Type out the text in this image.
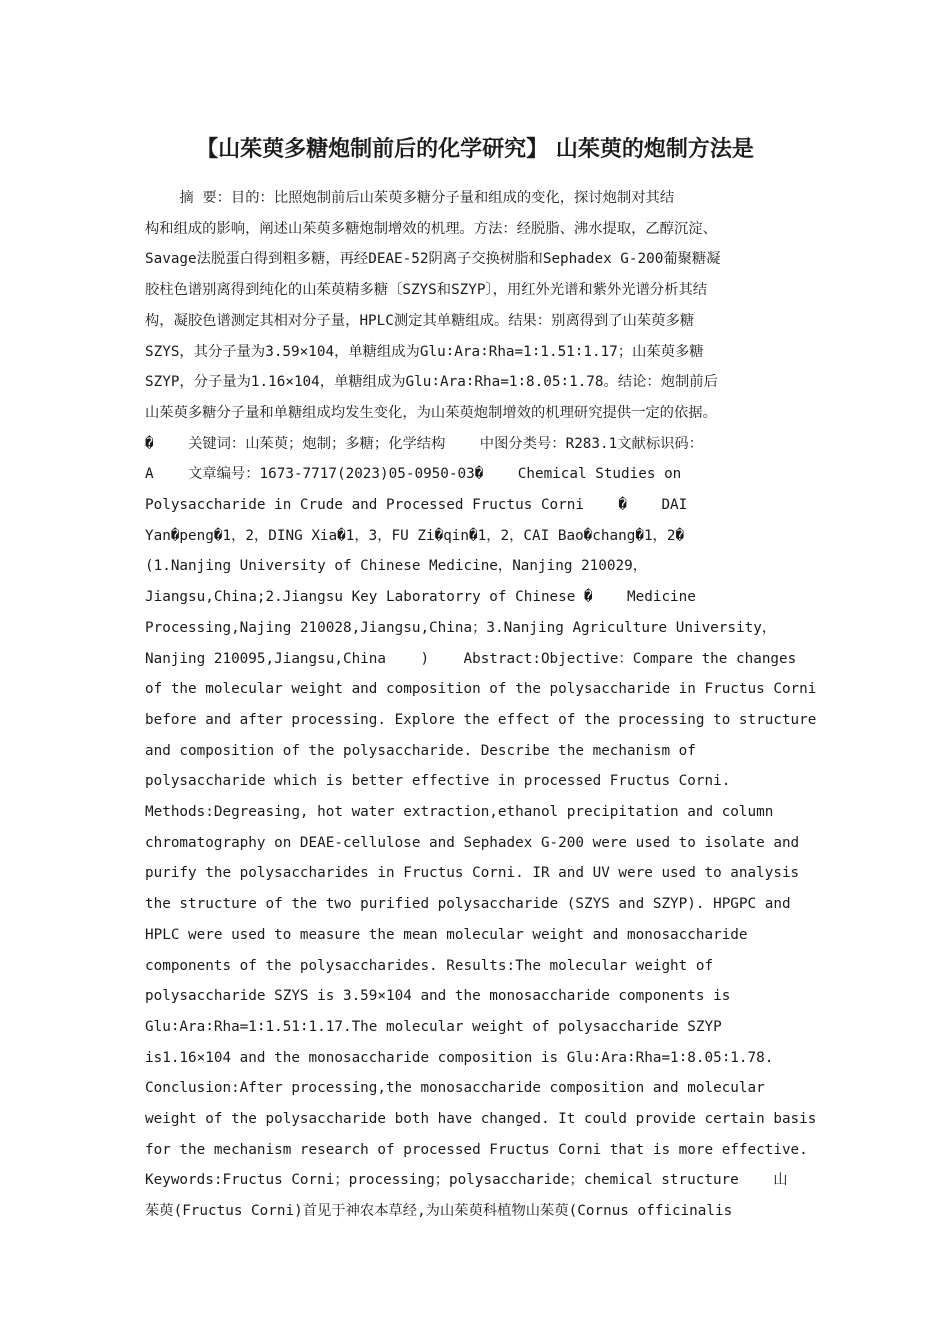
【山茱萸多糖炮制前后的化学研究】 山茱萸的炮制方法是
摘 要：目的：比照炮制前后山茱萸多糖分子量和组成的变化，探讨炮制对其结
构和组成的影响，阐述山茱萸多糖炮制增效的机理。方法：经脱脂、沸水提取，乙醇沉淀、
Savage法脱蛋白得到粗多糖，再经DEAE-52阴离子交换树脂和Sephadex G-200葡聚糖凝
胶柱色谱别离得到纯化的山茱萸精多糖〔SZYS和SZYP〕，用红外光谱和紫外光谱分析其结
构，凝胶色谱测定其相对分子量，HPLC测定其单糖组成。结果：别离得到了山茱萸多糖
SZYS，其分子量为3.59×104，单糖组成为Glu∶Ara∶Rha=1∶1.51∶1.17；山茱萸多糖
SZYP，分子量为1.16×104，单糖组成为Glu∶Ara∶Rha=1∶8.05∶1.78。结论：炮制前后
山茱萸多糖分子量和单糖组成均发生变化，为山茱萸炮制增效的机理研究提供一定的依据。
�    关键词：山茱萸；炮制；多糖；化学结构    中图分类号：R283.1文献标识码：
A    文章编号：1673-7717(2023)05-0950-03�    Chemical Studies on
Polysaccharide in Crude and Processed Fructus Corni    �    DAI
Yan�peng�1，2，DING Xia�1，3，FU Zi�qin�1，2，CAI Bao�chang�1，2�
(1.Nanjing University of Chinese Medicine，Nanjing 210029，
Jiangsu,China;2.Jiangsu Key Laboratorry of Chinese �    Medicine
Processing,Najing 210028,Jiangsu,China；3.Nanjing Agriculture University，
Nanjing 210095,Jiangsu,China    )    Abstract:Objective：Compare the changes
of the molecular weight and composition of the polysaccharide in Fructus Corni
before and after processing. Explore the effect of the processing to structure
and composition of the polysaccharide. Describe the mechanism of
polysaccharide which is better effective in processed Fructus Corni.
Methods:Degreasing, hot water extraction,ethanol precipitation and column
chromatography on DEAE-cellulose and Sephadex G-200 were used to isolate and
purify the polysaccharides in Fructus Corni. IR and UV were used to analysis
the structure of the two purified polysaccharide (SZYS and SZYP). HPGPC and
HPLC were used to measure the mean molecular weight and monosaccharide
components of the polysaccharides. Results:The molecular weight of
polysaccharide SZYS is 3.59×104 and the monosaccharide components is
Glu∶Ara∶Rha=1∶1.51∶1.17.The molecular weight of polysaccharide SZYP
is1.16×104 and the monosaccharide composition is Glu∶Ara∶Rha=1∶8.05∶1.78.
Conclusion:After processing,the monosaccharide composition and molecular
weight of the polysaccharide both have changed. It could provide certain basis
for the mechanism research of processed Fructus Corni that is more effective.
Keywords:Fructus Corni；processing；polysaccharide；chemical structure    山
茱萸(Fructus Corni)首见于神农本草经,为山茱萸科植物山茱萸(Cornus officinalis
